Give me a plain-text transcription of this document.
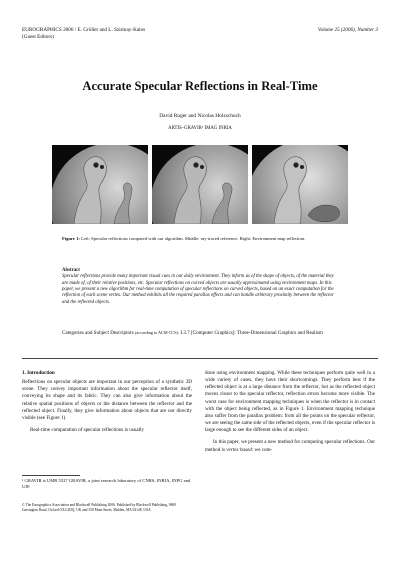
EUROGRAPHICS 2006 / E. Gröller and L. Szirmay-Kalos
(Guest Editors)
Volume 25 (2006), Number 3
Accurate Specular Reflections in Real-Time
David Roger and Nicolas Holzschuch
ARTIS–GRAVIR¹ IMAG INRIA
Figure 1: Left: Specular reflections computed with our algorithm. Middle: ray-traced reference. Right: Environment map reflection.
Abstract
Specular reflections provide many important visual cues in our daily environment. They inform us of the shape of objects, of the material they are made of, of their relative positions, etc. Specular reflections on curved objects are usually approximated using environment maps. In this paper, we present a new algorithm for real-time computation of specular reflections on curved objects, based on an exact computation for the reflection of each scene vertex. Our method exhibits all the required parallax effects and can handle arbitrary proximity between the reflector and the reflected objects.
Categories and Subject Descriptors (according to ACM CCS): I.3.7 [Computer Graphics]: Three-Dimensional Graphics and Realism
1. Introduction

Reflections on specular objects are important in our perception of a synthetic 3D scene. They convey important information about the specular reflector itself, conveying its shape and its fabric. They can also give information about the relative spatial positions of objects or the distance between the reflector and the reflected object. Finally, they give information about objects that are not directly visible (see Figure 1).

Real-time computation of specular reflections is usually

done using environment mapping. While these techniques perform quite well in a wide variety of cases, they have their shortcomings. They perform best if the reflected object is at a large distance from the reflector, but as the reflected object moves closer to the specular reflector, reflection errors become more visible. The worst case for environment mapping techniques is when the reflector is in contact with the object being reflected, as in Figure 1. Environment mapping technique also suffer from the parallax problem: from all the points on the specular reflector, we are seeing the same side of the reflected objects, even if the specular reflector is large enough to see the different sides of an object.

In this paper, we present a new method for computing specular reflections. Our method is vertex based: we com-

¹ GRAVIR is UMR 5527 GRAVIR, a joint research laboratory of CNRS, INRIA, INPG and UJF.
© The Eurographics Association and Blackwell Publishing 2006. Published by Blackwell Publishing, 9600 Garsington Road, Oxford OX4 2DQ, UK and 350 Main Street, Malden, MA 02148, USA.
